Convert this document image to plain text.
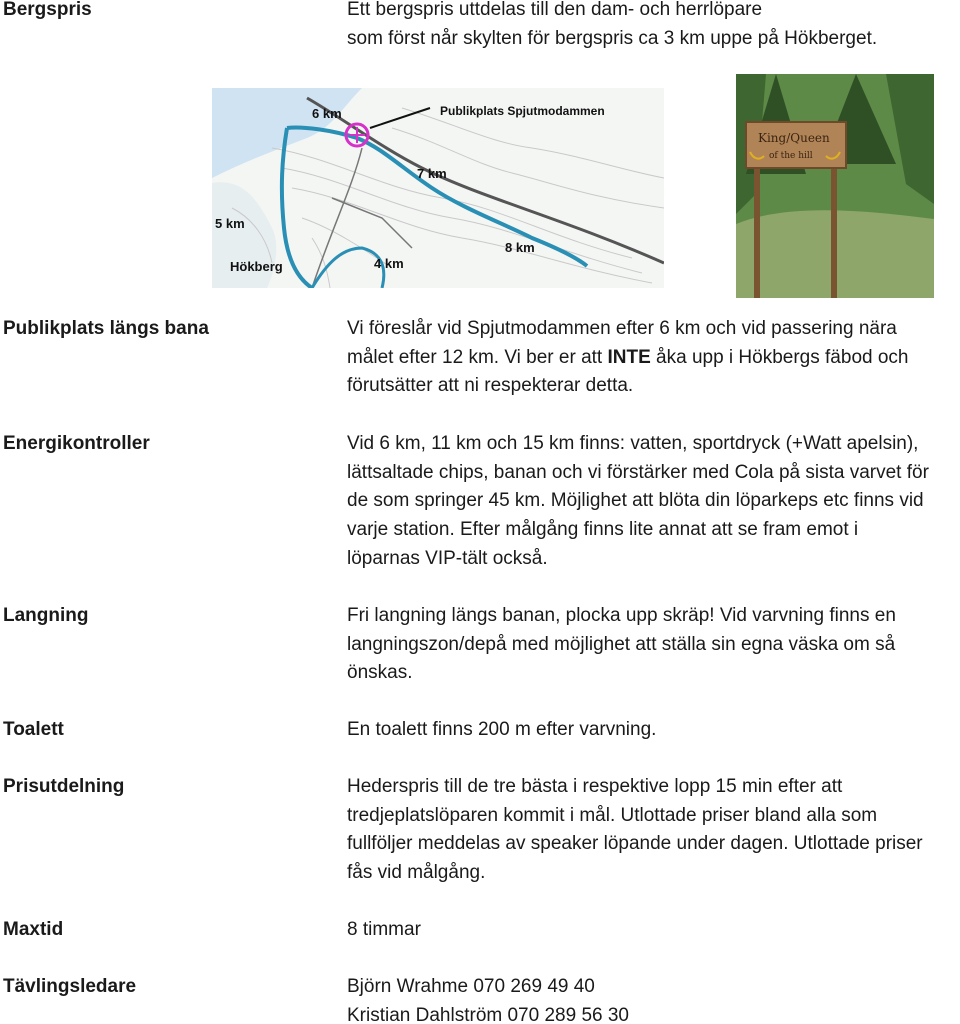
Bergspris	Ett bergspris uttdelas till den dam- och herrlöpare
som först når skylten för bergspris ca 3 km uppe på Hökberget.
6 km
7 km
5 km
8 km
4 km
Hökberg
Publikplats Spjutmodammen
King/Queen
of the hill
Publikplats längs bana	Vi föreslår vid Spjutmodammen efter 6 km och vid passering nära
målet efter 12 km. Vi ber er att INTE åka upp i Hökbergs fäbod och
förutsätter att ni respekterar detta.
Energikontroller	Vid 6 km, 11 km och 15 km finns: vatten, sportdryck (+Watt apelsin),
lättsaltade chips, banan och vi förstärker med Cola på sista varvet för
de som springer 45 km. Möjlighet att blöta din löparkeps etc finns vid
varje station. Efter målgång finns lite annat att se fram emot i
löparnas VIP-tält också.
Langning	Fri langning längs banan, plocka upp skräp! Vid varvning finns en
langningszon/depå med möjlighet att ställa sin egna väska om så
önskas.
Toalett	En toalett finns 200 m efter varvning.
Prisutdelning	Hederspris till de tre bästa i respektive lopp 15 min efter att
tredjeplatslöparen kommit i mål. Utlottade priser bland alla som
fullföljer meddelas av speaker löpande under dagen. Utlottade priser
fås vid målgång.
Maxtid	8 timmar
Tävlingsledare	Björn Wrahme 070 269 49 40
Kristian Dahlström 070 289 56 30
